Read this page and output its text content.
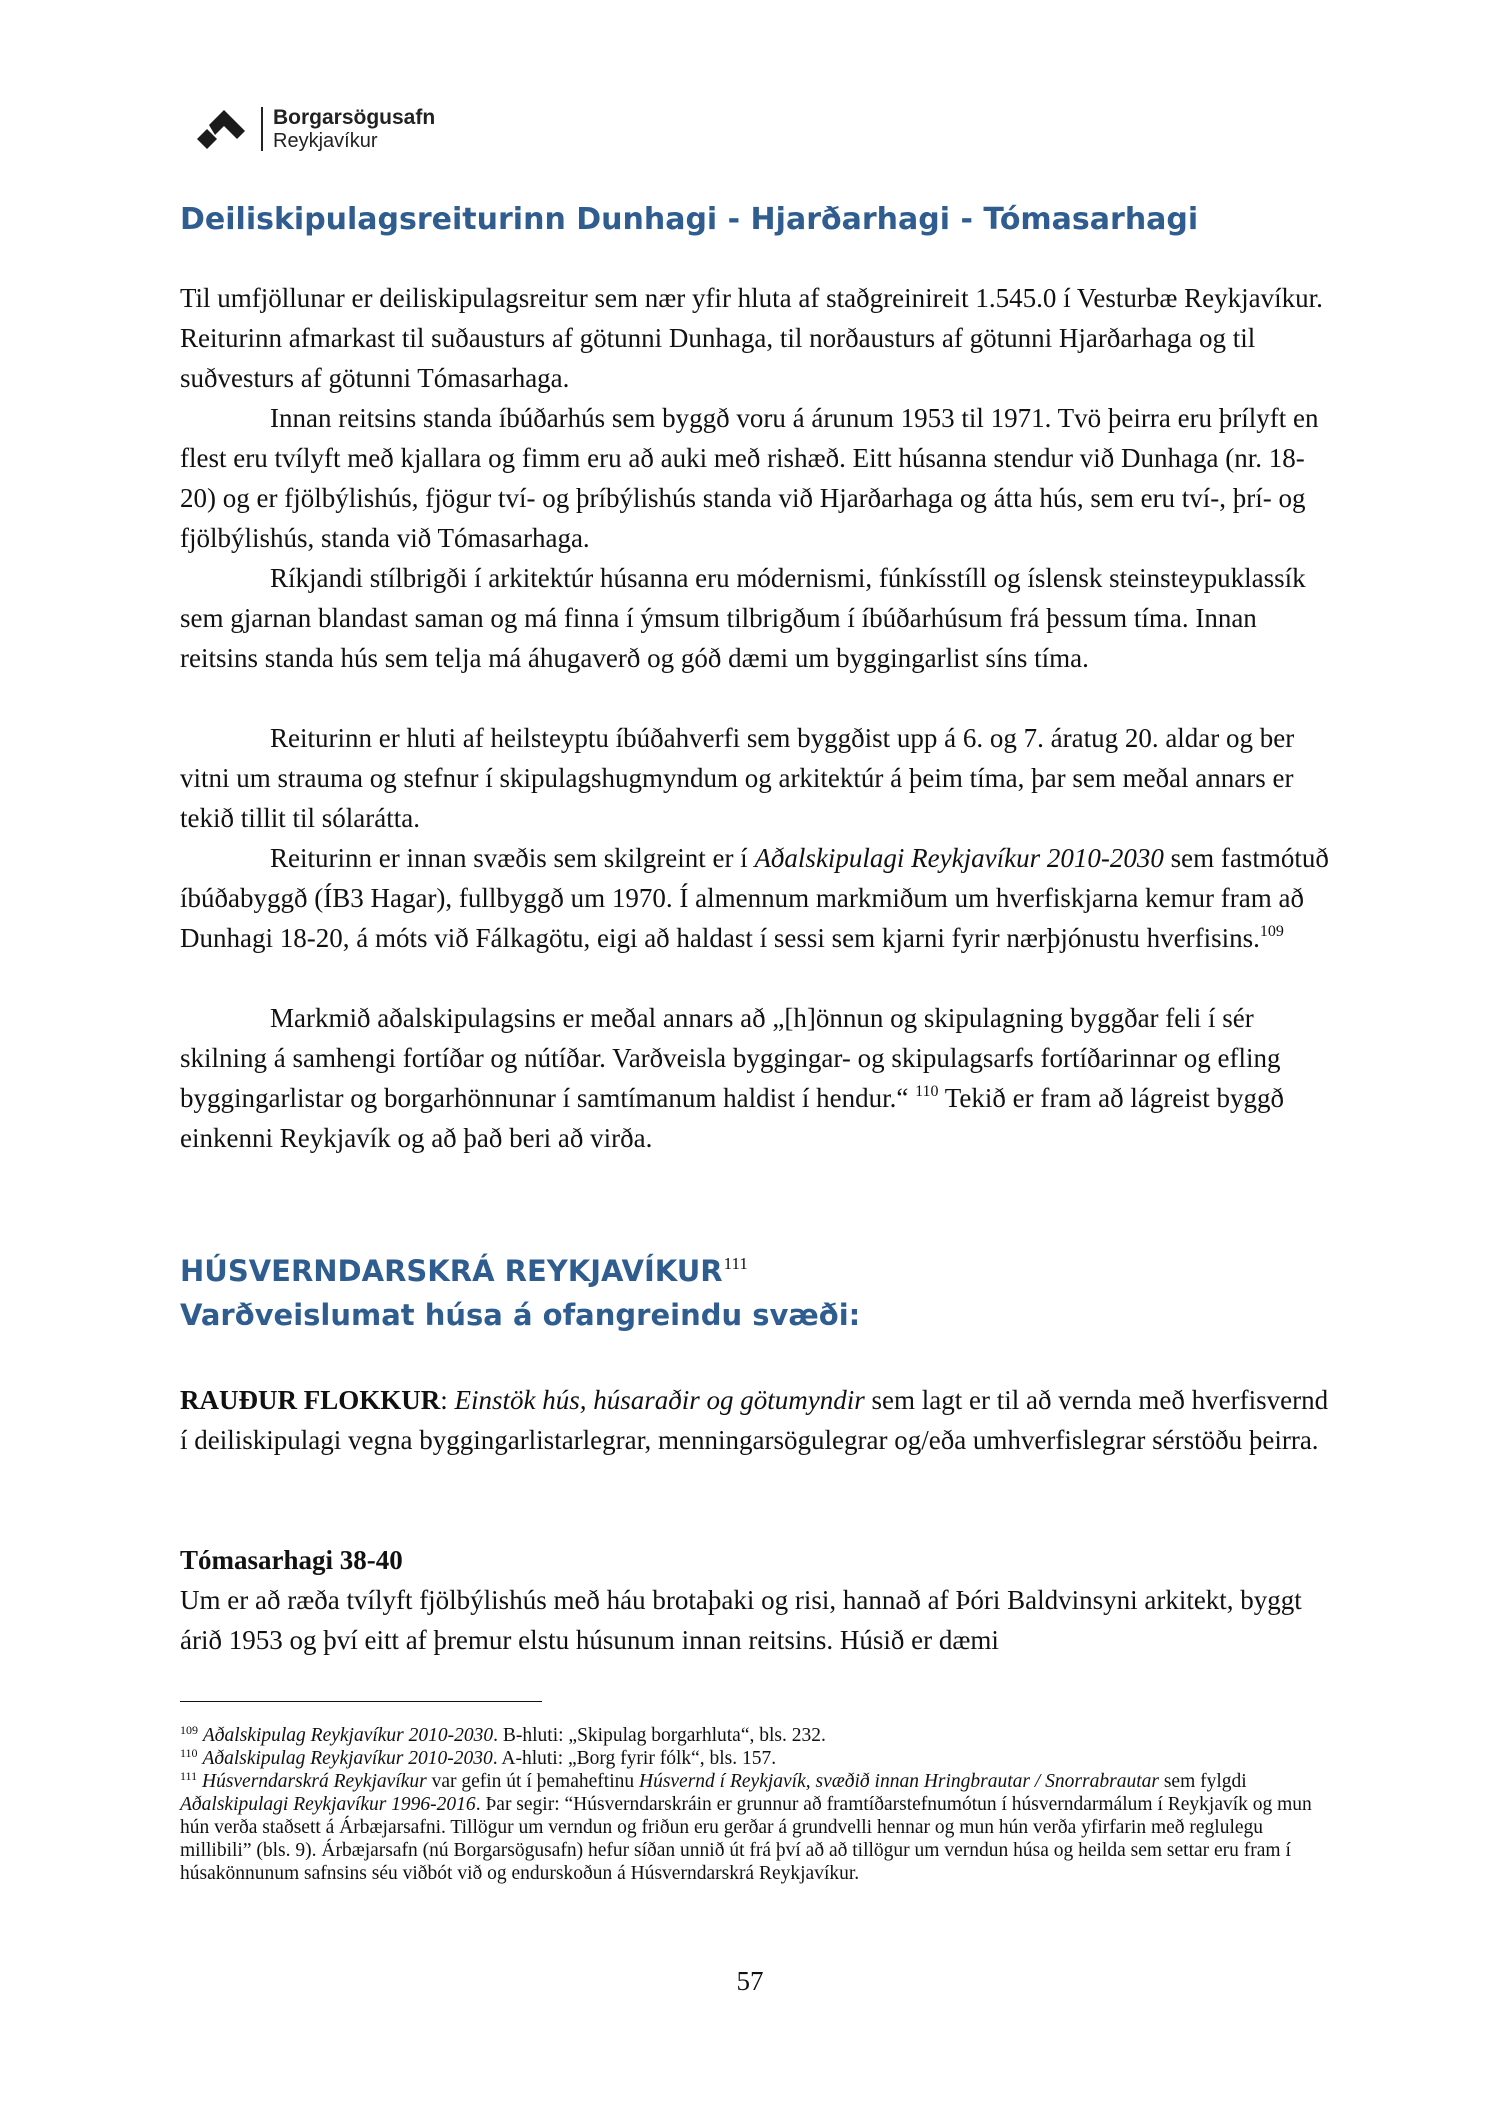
Borgarsögusafn
Reykjavíkur
Deiliskipulagsreiturinn Dunhagi - Hjarðarhagi - Tómasarhagi

Til umfjöllunar er deiliskipulagsreitur sem nær yfir hluta af staðgreinireit 1.545.0 í Vesturbæ Reykjavíkur. Reiturinn afmarkast til suðausturs af götunni Dunhaga, til norðausturs af götunni Hjarðarhaga og til suðvesturs af götunni Tómasarhaga.

Innan reitsins standa íbúðarhús sem byggð voru á árunum 1953 til 1971. Tvö þeirra eru þrílyft en flest eru tvílyft með kjallara og fimm eru að auki með rishæð. Eitt húsanna stendur við Dunhaga (nr. 18-20) og er fjölbýlishús, fjögur tví- og þríbýlishús standa við Hjarðarhaga og átta hús, sem eru tví-, þrí- og fjölbýlishús, standa við Tómasarhaga.

Ríkjandi stílbrigði í arkitektúr húsanna eru módernismi, fúnkísstíll og íslensk steinsteypuklassík sem gjarnan blandast saman og má finna í ýmsum tilbrigðum í íbúðarhúsum frá þessum tíma. Innan reitsins standa hús sem telja má áhugaverð og góð dæmi um byggingarlist síns tíma.

Reiturinn er hluti af heilsteyptu íbúðahverfi sem byggðist upp á 6. og 7. áratug 20. aldar og ber vitni um strauma og stefnur í skipulagshugmyndum og arkitektúr á þeim tíma, þar sem meðal annars er tekið tillit til sólarátta.

Reiturinn er innan svæðis sem skilgreint er í Aðalskipulagi Reykjavíkur 2010-2030 sem fastmótuð íbúðabyggð (ÍB3 Hagar), fullbyggð um 1970. Í almennum markmiðum um hverfiskjarna kemur fram að Dunhagi 18-20, á móts við Fálkagötu, eigi að haldast í sessi sem kjarni fyrir nærþjónustu hverfisins.$^{109}$

Markmið aðalskipulagsins er meðal annars að „[h]önnun og skipulagning byggðar feli í sér skilning á samhengi fortíðar og nútíðar. Varðveisla byggingar- og skipulagsarfs fortíðarinnar og efling byggingarlistar og borgarhönnunar í samtímanum haldist í hendur.“ $^{110}$ Tekið er fram að lágreist byggð einkenni Reykjavík og að það beri að virða.

HÚSVERNDARSKRÁ REYKJAVÍKUR$^{111}$
Varðveislumat húsa á ofangreindu svæði:

RAUÐUR FLOKKUR: Einstök hús, húsaraðir og götumyndir sem lagt er til að vernda með hverfisvernd í deiliskipulagi vegna byggingarlistarlegrar, menningarsögulegrar og/eða umhverfislegrar sérstöðu þeirra.

Tómasarhagi 38-40

Um er að ræða tvílyft fjölbýlishús með háu brotaþaki og risi, hannað af Þóri Baldvinsyni arkitekt, byggt árið 1953 og því eitt af þremur elstu húsunum innan reitsins. Húsið er dæmi

$^{109}$ Aðalskipulag Reykjavíkur 2010-2030. B-hluti: „Skipulag borgarhluta“, bls. 232.

$^{110}$ Aðalskipulag Reykjavíkur 2010-2030. A-hluti: „Borg fyrir fólk“, bls. 157.

$^{111}$ Húsverndarskrá Reykjavíkur var gefin út í þemaheftinu Húsvernd í Reykjavík, svæðið innan Hringbrautar / Snorrabrautar sem fylgdi Aðalskipulagi Reykjavíkur 1996-2016. Þar segir: “Húsverndarskráin er grunnur að framtíðarstefnumótun í húsverndarmálum í Reykjavík og mun hún verða staðsett á Árbæjarsafni. Tillögur um verndun og friðun eru gerðar á grundvelli hennar og mun hún verða yfirfarin með reglulegu millibili” (bls. 9). Árbæjarsafn (nú Borgarsögusafn) hefur síðan unnið út frá því að að tillögur um verndun húsa og heilda sem settar eru fram í húsakönnunum safnsins séu viðbót við og endurskoðun á Húsverndarskrá Reykjavíkur.

57
